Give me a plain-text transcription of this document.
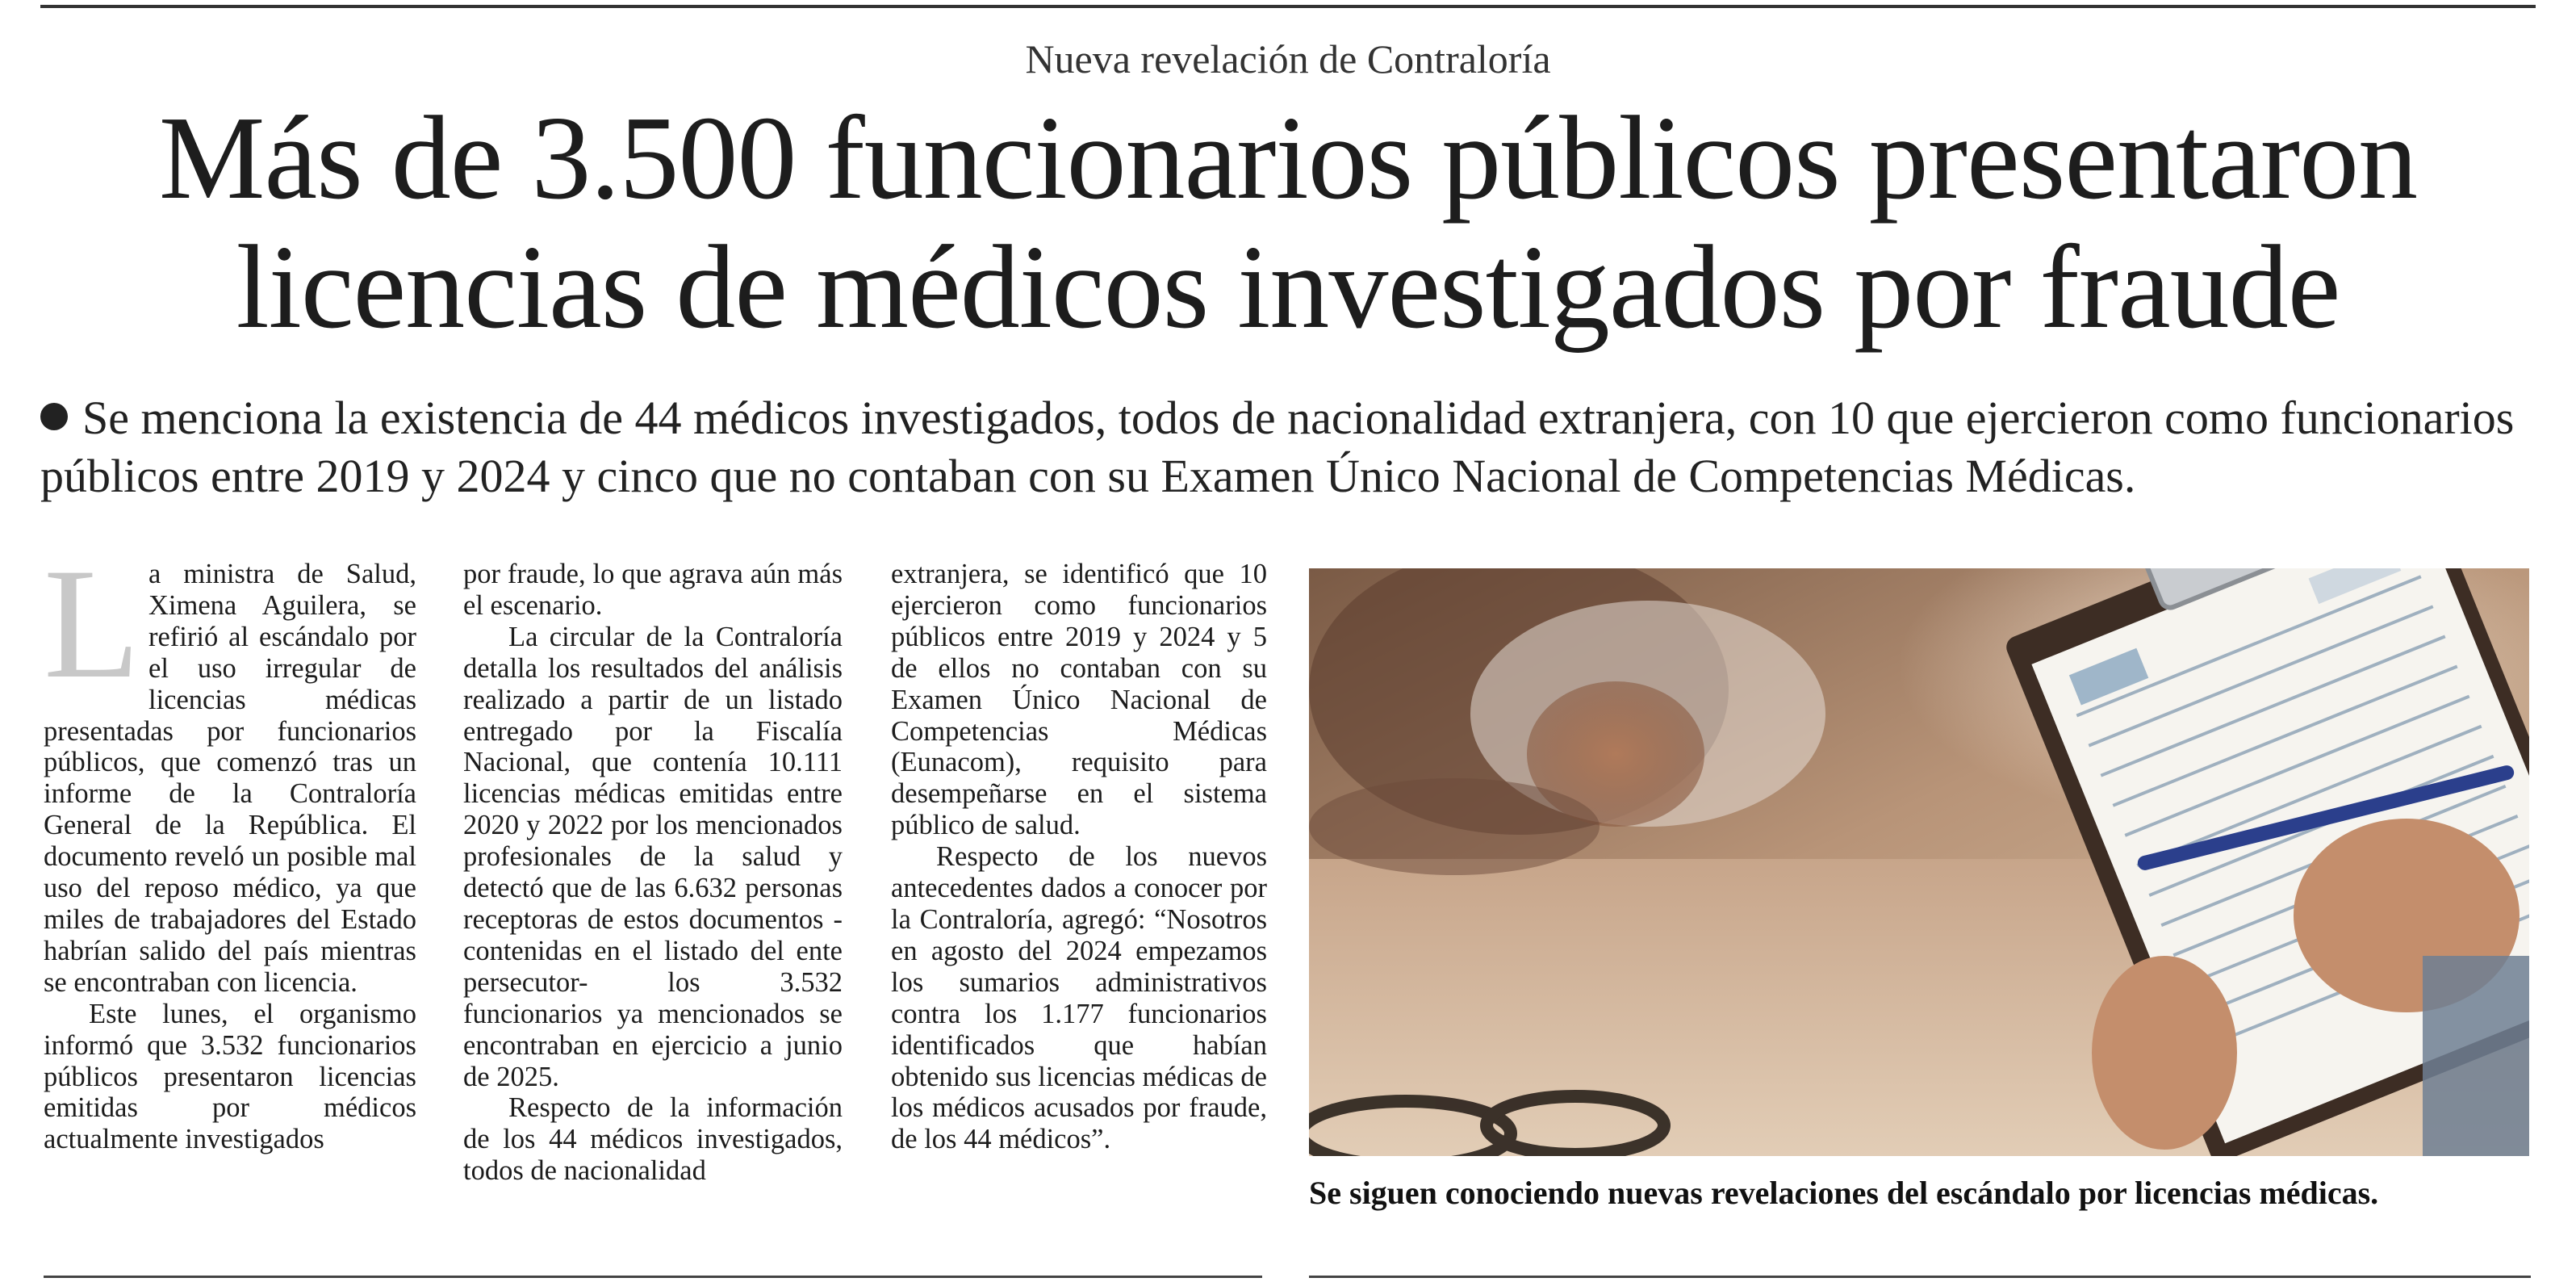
Nueva revelación de Contraloría
Más de 3.500 funcionarios públicos presentaron
licencias de médicos investigados por fraude
Se menciona la existencia de 44 médicos investigados, todos de nacionalidad extranjera, con 10 que ejercieron como funcionarios públicos entre 2019 y 2024 y cinco que no contaban con su Examen Único Nacional de Competencias Médicas.
L a ministra de Salud, Ximena Aguilera, se refirió al escándalo por el uso irregular de licencias médicas presentadas por funcionarios públicos, que comenzó tras un informe de la Contraloría General de la República. El documento reveló un posible mal uso del reposo médico, ya que miles de trabajadores del Estado habrían salido del país mientras se encontraban con licencia.

Este lunes, el organismo informó que 3.532 funcionarios públicos presentaron licencias emitidas por médicos actualmente investigados

por fraude, lo que agrava aún más el escenario.

La circular de la Contraloría detalla los resultados del análisis realizado a partir de un listado entregado por la Fiscalía Nacional, que contenía 10.111 licencias médicas emitidas entre 2020 y 2022 por los mencionados profesionales de la salud y detectó que de las 6.632 personas receptoras de estos documentos -contenidas en el listado del ente persecutor- los 3.532 funcionarios ya mencionados se encontraban en ejercicio a junio de 2025.

Respecto de la información de los 44 médicos investigados, todos de nacionalidad

extranjera, se identificó que 10 ejercieron como funcionarios públicos entre 2019 y 2024 y 5 de ellos no contaban con su Examen Único Nacional de Competencias Médicas (Eunacom), requisito para desempeñarse en el sistema público de salud.

Respecto de los nuevos antecedentes dados a conocer por la Contraloría, agregó: “Nosotros en agosto del 2024 empezamos los sumarios administrativos contra los 1.177 funcionarios identificados que habían obtenido sus licencias médicas de los médicos acusados por fraude, de los 44 médicos”.

Se siguen conociendo nuevas revelaciones del escándalo por licencias médicas.
